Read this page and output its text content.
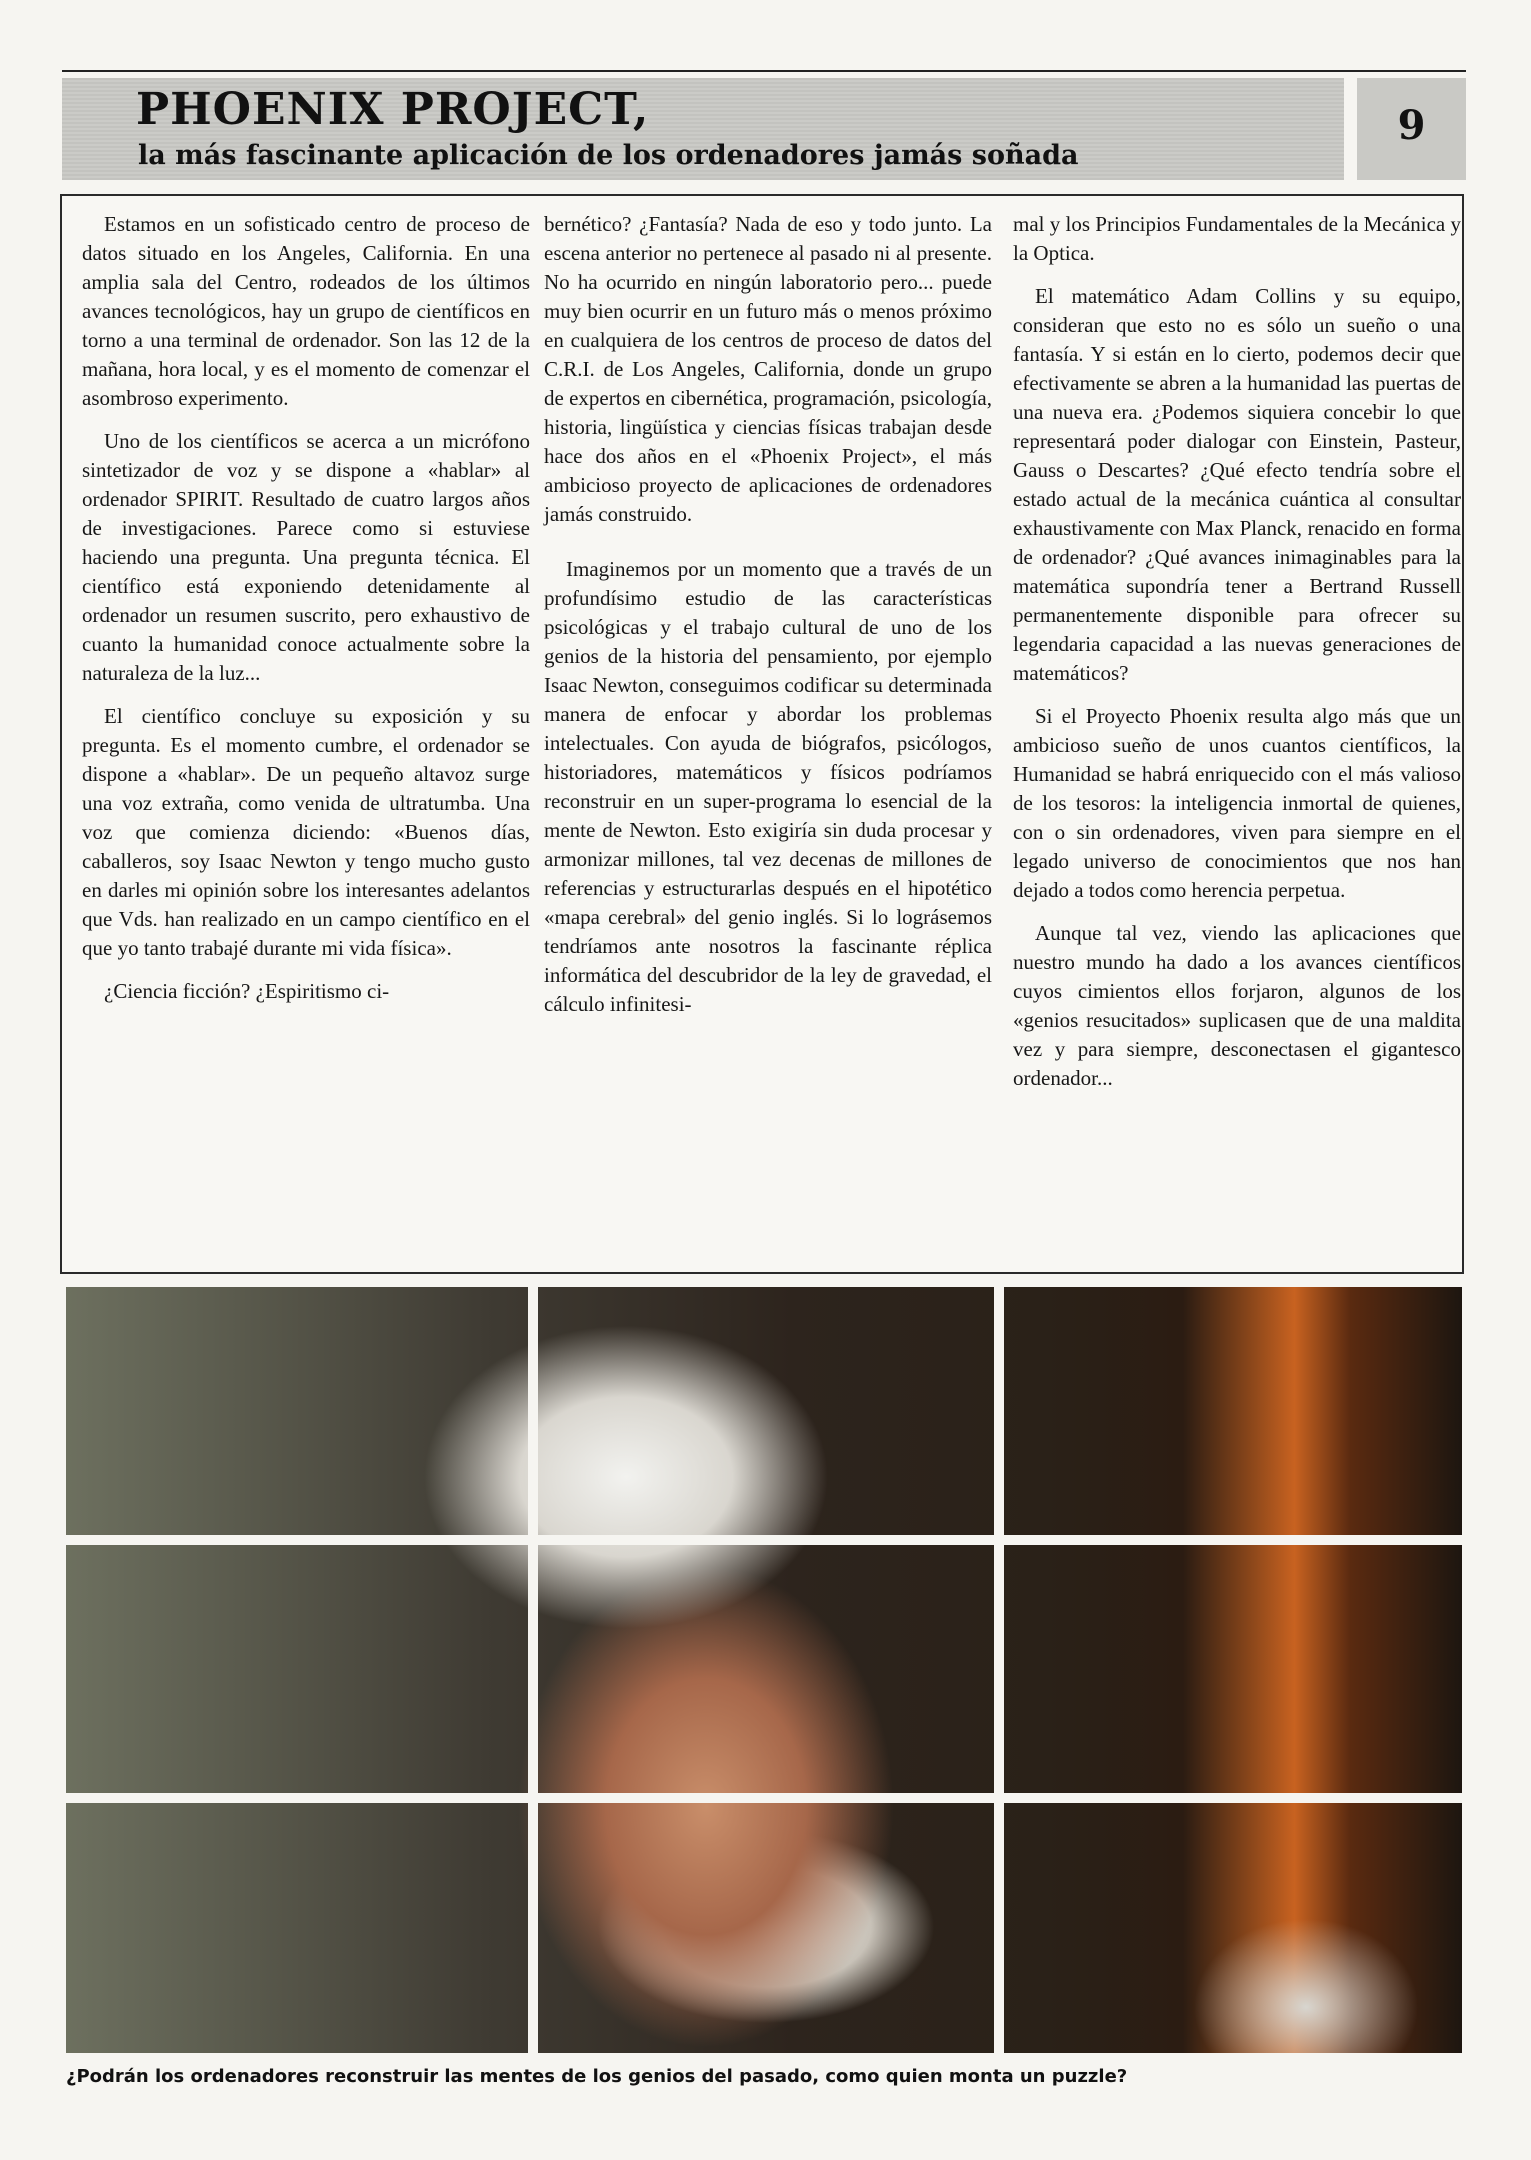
PHOENIX PROJECT,
la más fascinante aplicación de los ordenadores jamás soñada
9

Estamos en un sofisticado centro de proceso de datos situado en los Angeles, California. En una amplia sala del Centro, rodeados de los últimos avances tecnológicos, hay un grupo de científicos en torno a una terminal de ordenador. Son las 12 de la mañana, hora local, y es el momento de comenzar el asombroso experimento.

Uno de los científicos se acerca a un micrófono sintetizador de voz y se dispone a «hablar» al ordenador SPIRIT. Resultado de cuatro largos años de investigaciones. Parece como si estuviese haciendo una pregunta. Una pregunta técnica. El científico está exponiendo detenidamente al ordenador un resumen suscrito, pero exhaustivo de cuanto la humanidad conoce actualmente sobre la naturaleza de la luz...

El científico concluye su exposición y su pregunta. Es el momento cumbre, el ordenador se dispone a «hablar». De un pequeño altavoz surge una voz extraña, como venida de ultratumba. Una voz que comienza diciendo: «Buenos días, caballeros, soy Isaac Newton y tengo mucho gusto en darles mi opinión sobre los interesantes adelantos que Vds. han realizado en un campo científico en el que yo tanto trabajé durante mi vida física».

¿Ciencia ficción? ¿Espiritismo ci-

bernético? ¿Fantasía? Nada de eso y todo junto. La escena anterior no pertenece al pasado ni al presente. No ha ocurrido en ningún laboratorio pero... puede muy bien ocurrir en un futuro más o menos próximo en cualquiera de los centros de proceso de datos del C.R.I. de Los Angeles, California, donde un grupo de expertos en cibernética, programación, psicología, historia, lingüística y ciencias físicas trabajan desde hace dos años en el «Phoenix Project», el más ambicioso proyecto de aplicaciones de ordenadores jamás construido.

Imaginemos por un momento que a través de un profundísimo estudio de las características psicológicas y el trabajo cultural de uno de los genios de la historia del pensamiento, por ejemplo Isaac Newton, conseguimos codificar su determinada manera de enfocar y abordar los problemas intelectuales. Con ayuda de biógrafos, psicólogos, historiadores, matemáticos y físicos podríamos reconstruir en un super-programa lo esencial de la mente de Newton. Esto exigiría sin duda procesar y armonizar millones, tal vez decenas de millones de referencias y estructurarlas después en el hipotético «mapa cerebral» del genio inglés. Si lo lográsemos tendríamos ante nosotros la fascinante réplica informática del descubridor de la ley de gravedad, el cálculo infinitesi-

mal y los Principios Fundamentales de la Mecánica y la Optica.

El matemático Adam Collins y su equipo, consideran que esto no es sólo un sueño o una fantasía. Y si están en lo cierto, podemos decir que efectivamente se abren a la humanidad las puertas de una nueva era. ¿Podemos siquiera concebir lo que representará poder dialogar con Einstein, Pasteur, Gauss o Descartes? ¿Qué efecto tendría sobre el estado actual de la mecánica cuántica al consultar exhaustivamente con Max Planck, renacido en forma de ordenador? ¿Qué avances inimaginables para la matemática supondría tener a Bertrand Russell permanentemente disponible para ofrecer su legendaria capacidad a las nuevas generaciones de matemáticos?

Si el Proyecto Phoenix resulta algo más que un ambicioso sueño de unos cuantos científicos, la Humanidad se habrá enriquecido con el más valioso de los tesoros: la inteligencia inmortal de quienes, con o sin ordenadores, viven para siempre en el legado universo de conocimientos que nos han dejado a todos como herencia perpetua.

Aunque tal vez, viendo las aplicaciones que nuestro mundo ha dado a los avances científicos cuyos cimientos ellos forjaron, algunos de los «genios resucitados» suplicasen que de una maldita vez y para siempre, desconectasen el gigantesco ordenador...

¿Podrán los ordenadores reconstruir las mentes de los genios del pasado, como quien monta un puzzle?
